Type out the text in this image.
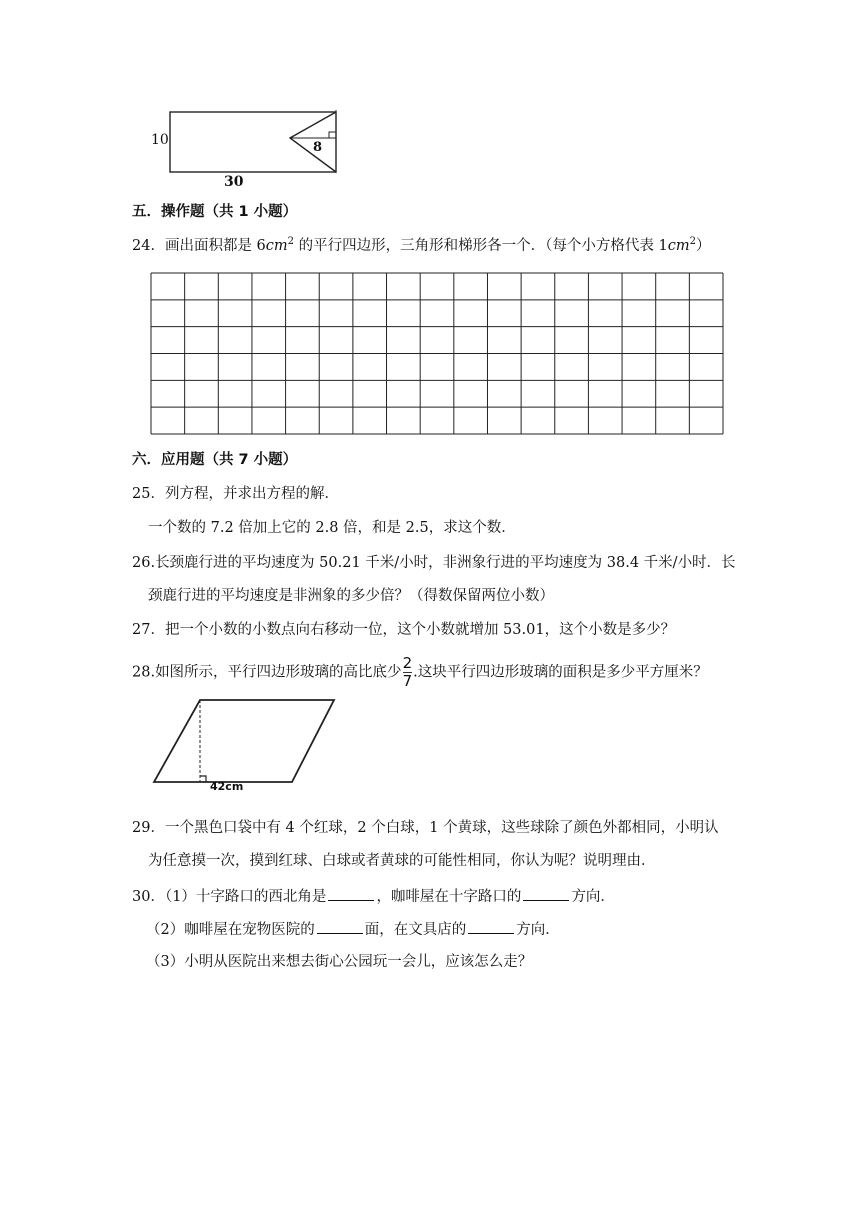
10
30
8
五．操作题（共 1 小题）
24．画出面积都是 $6cm^2$ 的平行四边形，三角形和梯形各一个．（每个小方格代表 $1cm^2$）
六．应用题（共 7 小题）
25．列方程，并求出方程的解．
一个数的 7.2 倍加上它的 2.8 倍，和是 2.5，求这个数．
26.长颈鹿行进的平均速度为 50.21 千米/小时，非洲象行进的平均速度为 38.4 千米/小时．长
颈鹿行进的平均速度是非洲象的多少倍？（得数保留两位小数）
27．把一个小数的小数点向右移动一位，这个小数就增加 53.01，这个小数是多少？
28.如图所示，平行四边形玻璃的高比底少 $\frac{2}{7}$ .这块平行四边形玻璃的面积是多少平方厘米？
42cm
29．一个黑色口袋中有 4 个红球，2 个白球，1 个黄球，这些球除了颜色外都相同，小明认
为任意摸一次，摸到红球、白球或者黄球的可能性相同，你认为呢？说明理由．
30．（1）十字路口的西北角是	，咖啡屋在十字路口的	方向．
（2）咖啡屋在宠物医院的	面，在文具店的	方向．
（3）小明从医院出来想去街心公园玩一会儿，应该怎么走？
